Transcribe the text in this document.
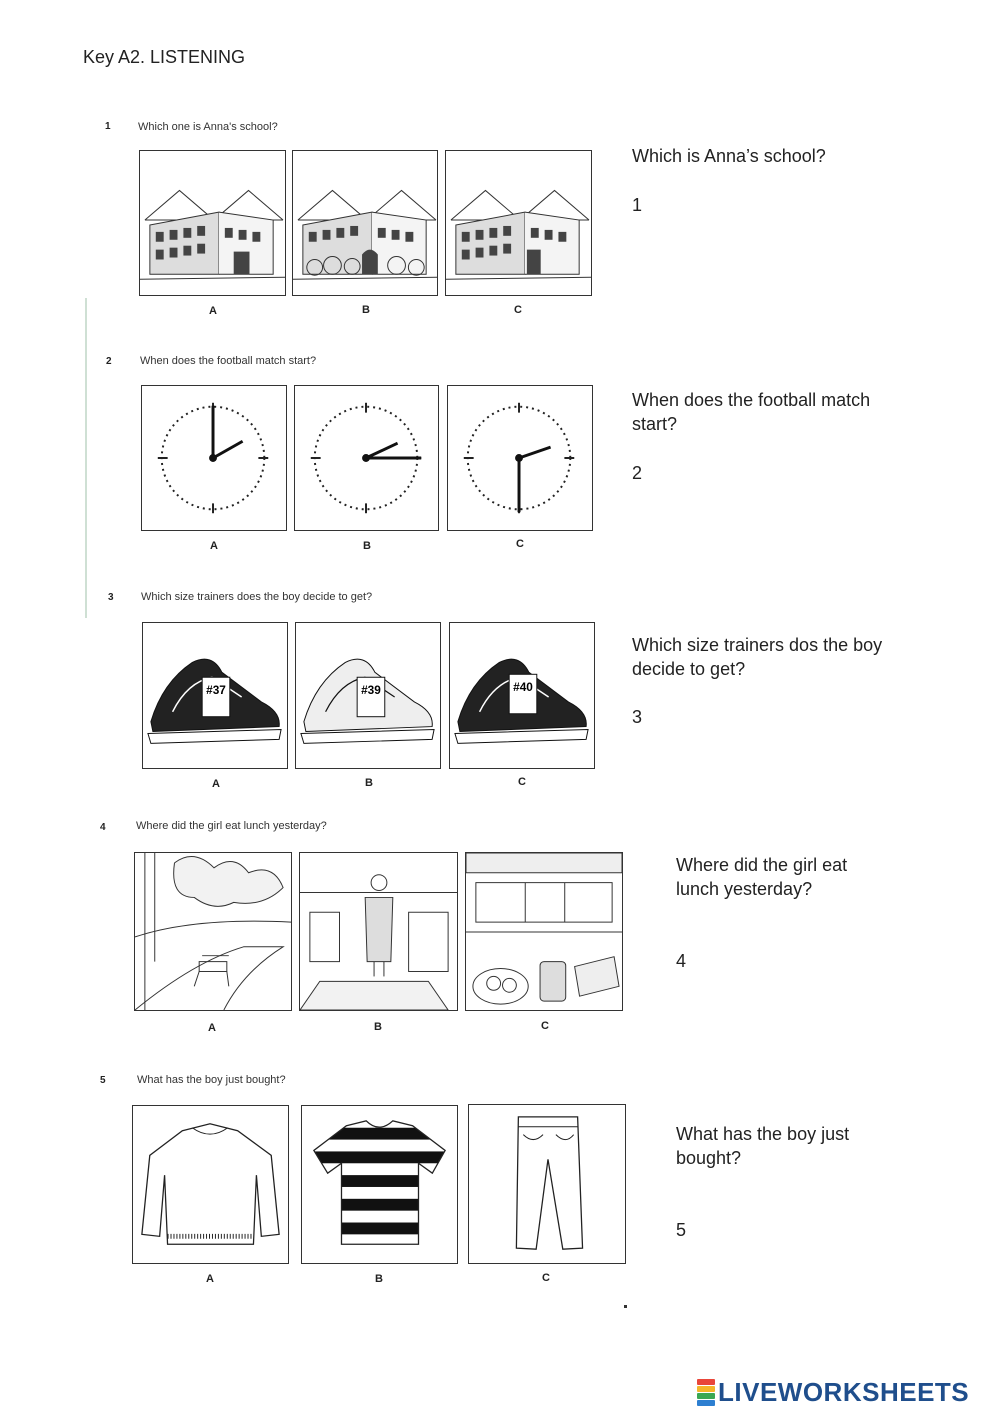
Key A2. LISTENING
1 Which one is Anna's school?
A	B	C
Which is Anna’s school?
1
2	When does the football match start?
A	B	C
When does the football match start?
2
3 Which size trainers does the boy decide to get?
#37	#39	#40
A	B	C
Which size trainers dos the boy decide to get?
3
4	Where did the girl eat lunch yesterday?
A	B	C
Where did the girl eat lunch yesterday?
4
5	What has the boy just bought?
A	B	C
What has the boy just bought?
5
LIVEWORKSHEETS
